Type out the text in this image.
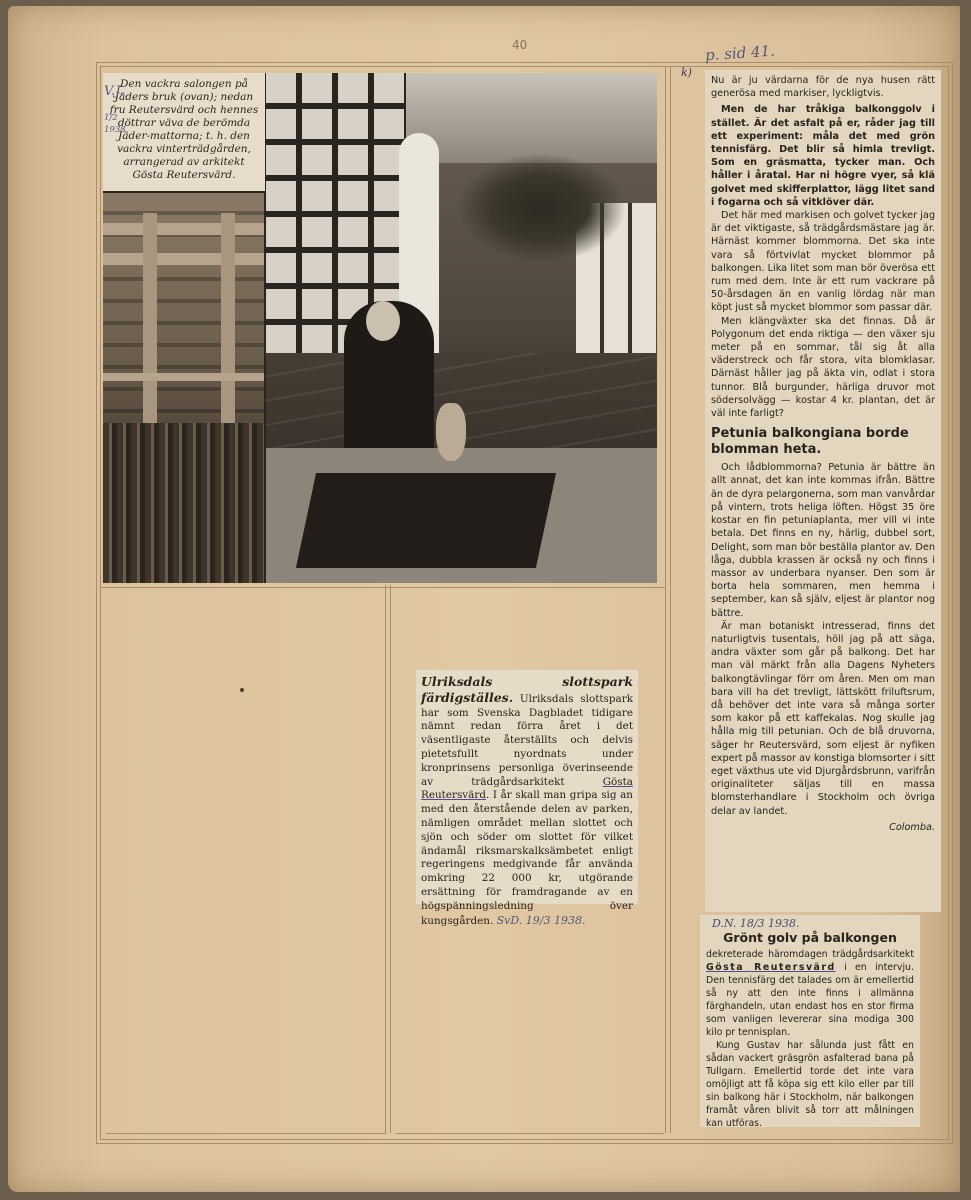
40	p. sid 41.
k)
Den vackra salongen på Jäders bruk (ovan); nedan fru Reutersvärd och hennes döttrar väva de berömda Jäder-mattorna; t. h. den vackra vinterträdgården, arrangerad av arkitekt Gösta Reutersvärd.
V.J.
1/2 1938

Nu är ju värdarna för de nya husen rätt generösa med markiser, lyckligtvis.

Men de har tråkiga balkonggolv i stället. Är det asfalt på er, råder jag till ett experiment: måla det med grön tennisfärg. Det blir så himla trevligt. Som en gräsmatta, tycker man. Och håller i åratal. Har ni högre vyer, så klä golvet med skifferplattor, lägg litet sand i fogarna och så vitklöver där.

Det här med markisen och golvet tycker jag är det viktigaste, så trädgårdsmästare jag är. Härnäst kommer blommorna. Det ska inte vara så förtvivlat mycket blommor på balkongen. Lika litet som man bör överösa ett rum med dem. Inte är ett rum vackrare på 50-årsdagen än en vanlig lördag när man köpt just så mycket blommor som passar där.

Men klängväxter ska det finnas. Då är Polygonum det enda riktiga — den växer sju meter på en sommar, tål sig åt alla väderstreck och får stora, vita blomklasar. Därnäst håller jag på äkta vin, odlat i stora tunnor. Blå burgunder, härliga druvor mot södersolvägg — kostar 4 kr. plantan, det är väl inte farligt?

Petunia balkongiana borde blomman heta.

Och lådblommorna? Petunia är bättre än allt annat, det kan inte kommas ifrån. Bättre än de dyra pelargonerna, som man vanvårdar på vintern, trots heliga löften. Högst 35 öre kostar en fin petuniaplanta, mer vill vi inte betala. Det finns en ny, härlig, dubbel sort, Delight, som man bör beställa plantor av. Den låga, dubbla krassen är också ny och finns i massor av underbara nyanser. Den som är borta hela sommaren, men hemma i september, kan så själv, eljest är plantor nog bättre.

Är man botaniskt intresserad, finns det naturligtvis tusentals, höll jag på att säga, andra växter som går på balkong. Det har man väl märkt från alla Dagens Nyheters balkongtävlingar förr om åren. Men om man bara vill ha det trevligt, lättskött friluftsrum, då behöver det inte vara så många sorter som kakor på ett kaffekalas. Nog skulle jag hålla mig till petunian. Och de blå druvorna, säger hr Reutersvärd, som eljest är nyfiken expert på massor av konstiga blomsorter i sitt eget växthus ute vid Djurgårdsbrunn, varifrån originaliteter säljas till en massa blomsterhandlare i Stockholm och övriga delar av landet.

Colomba.
D.N. 18/3 1938.
Grönt golv på balkongen

dekreterade häromdagen trädgårdsarkitekt Gösta Reutersvärd i en intervju. Den tennisfärg det talades om är emellertid så ny att den inte finns i allmänna färghandeln, utan endast hos en stor firma som vanligen levererar sina modiga 300 kilo pr tennisplan.

Kung Gustav har sålunda just fått en sådan vackert gräsgrön asfalterad bana på Tullgarn. Emellertid torde det inte vara omöjligt att få köpa sig ett kilo eller par till sin balkong här i Stockholm, när balkongen framåt våren blivit så torr att målningen kan utföras.

Ulriksdals slottspark färdigställes. Ulriksdals slottspark har som Svenska Dagbladet tidigare nämnt redan förra året i det väsentligaste återställts och delvis pietetsfullt nyordnats under kronprinsens personliga överinseende av trädgårdsarkitekt	Gösta Reutersvärd. I år skall man gripa sig an med den återstående delen av parken, nämligen området mellan slottet och sjön och söder om slottet för vilket ändamål riksmarskalksämbetet enligt regeringens medgivande får använda omkring 22 000 kr, utgörande ersättning för framdragande av en högspänningsledning över kungsgården. SvD. 19/3 1938.
